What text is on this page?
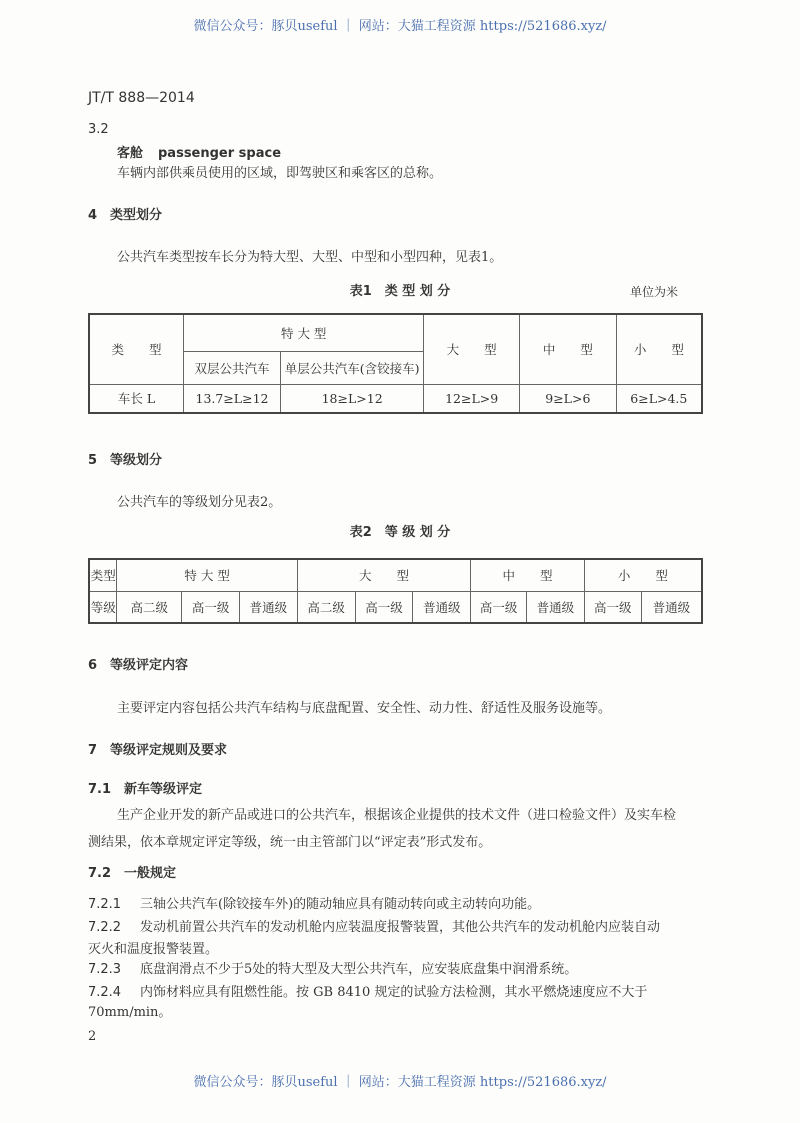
微信公众号：豚贝useful ｜ 网站：大猫工程资源 https://521686.xyz/
JT/T 888—2014
3.2
客舱 passenger space
车辆内部供乘员使用的区域，即驾驶区和乘客区的总称。
4　类型划分
公共汽车类型按车长分为特大型、大型、中型和小型四种，见表1。
表1　类 型 划 分	单位为米
类　　型	特 大 型		大　　型	中　　型	小　　型
	双层公共汽车	单层公共汽车(含铰接车)			
车长 L	13.7≥L≥12	18≥L>12	12≥L>9	9≥L>6	6≥L>4.5
5　等级划分
公共汽车的等级划分见表2。
表2　等 级 划 分
类型	特 大 型			大　　型			中　　型		小　　型	
等级	高二级	高一级	普通级	高二级	高一级	普通级	高一级	普通级	高一级	普通级
6　等级评定内容
主要评定内容包括公共汽车结构与底盘配置、安全性、动力性、舒适性及服务设施等。
7　等级评定规则及要求
7.1　新车等级评定
生产企业开发的新产品或进口的公共汽车，根据该企业提供的技术文件（进口检验文件）及实车检
测结果，依本章规定评定等级，统一由主管部门以“评定表”形式发布。
7.2　一般规定
7.2.1 三轴公共汽车(除铰接车外)的随动轴应具有随动转向或主动转向功能。
7.2.2 发动机前置公共汽车的发动机舱内应装温度报警装置，其他公共汽车的发动机舱内应装自动
灭火和温度报警装置。
7.2.3 底盘润滑点不少于5处的特大型及大型公共汽车，应安装底盘集中润滑系统。
7.2.4 内饰材料应具有阻燃性能。按 GB 8410 规定的试验方法检测，其水平燃烧速度应不大于
70mm/min。
2
微信公众号：豚贝useful ｜ 网站：大猫工程资源 https://521686.xyz/
